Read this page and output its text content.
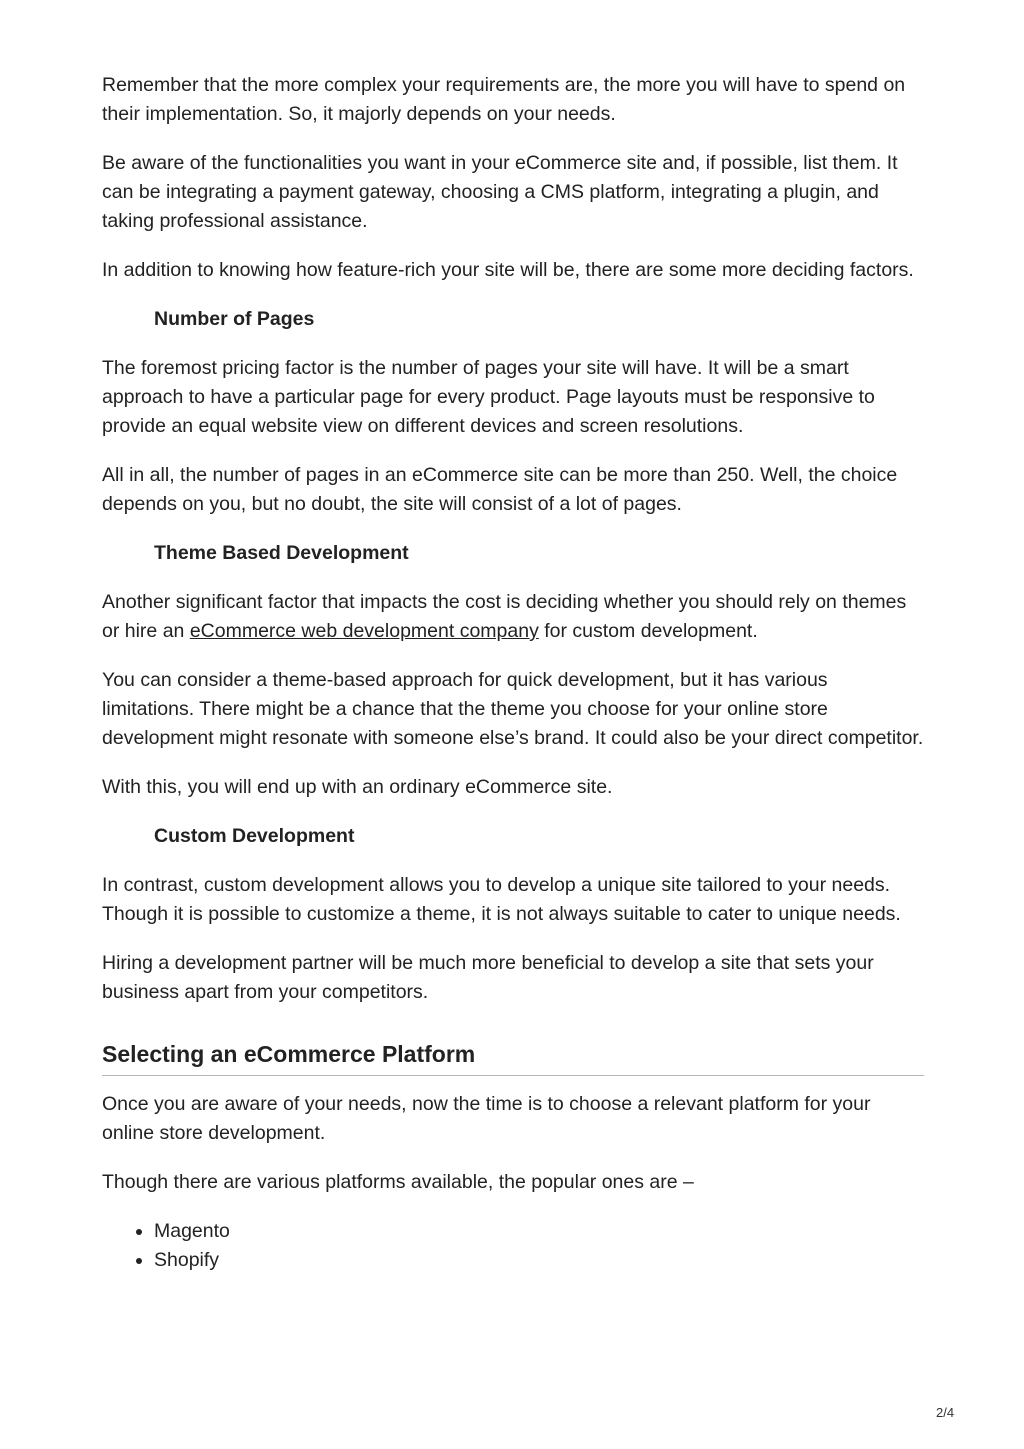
Remember that the more complex your requirements are, the more you will have to spend on their implementation. So, it majorly depends on your needs.

Be aware of the functionalities you want in your eCommerce site and, if possible, list them. It can be integrating a payment gateway, choosing a CMS platform, integrating a plugin, and taking professional assistance.

In addition to knowing how feature-rich your site will be, there are some more deciding factors.

Number of Pages

The foremost pricing factor is the number of pages your site will have. It will be a smart approach to have a particular page for every product. Page layouts must be responsive to provide an equal website view on different devices and screen resolutions.

All in all, the number of pages in an eCommerce site can be more than 250. Well, the choice depends on you, but no doubt, the site will consist of a lot of pages.

Theme Based Development

Another significant factor that impacts the cost is deciding whether you should rely on themes or hire an eCommerce web development company for custom development.

You can consider a theme-based approach for quick development, but it has various limitations. There might be a chance that the theme you choose for your online store development might resonate with someone else’s brand. It could also be your direct competitor.

With this, you will end up with an ordinary eCommerce site.

Custom Development

In contrast, custom development allows you to develop a unique site tailored to your needs. Though it is possible to customize a theme, it is not always suitable to cater to unique needs.

Hiring a development partner will be much more beneficial to develop a site that sets your business apart from your competitors.

Selecting an eCommerce Platform

Once you are aware of your needs, now the time is to choose a relevant platform for your online store development.

Though there are various platforms available, the popular ones are –

• Magento
• Shopify
2/4
